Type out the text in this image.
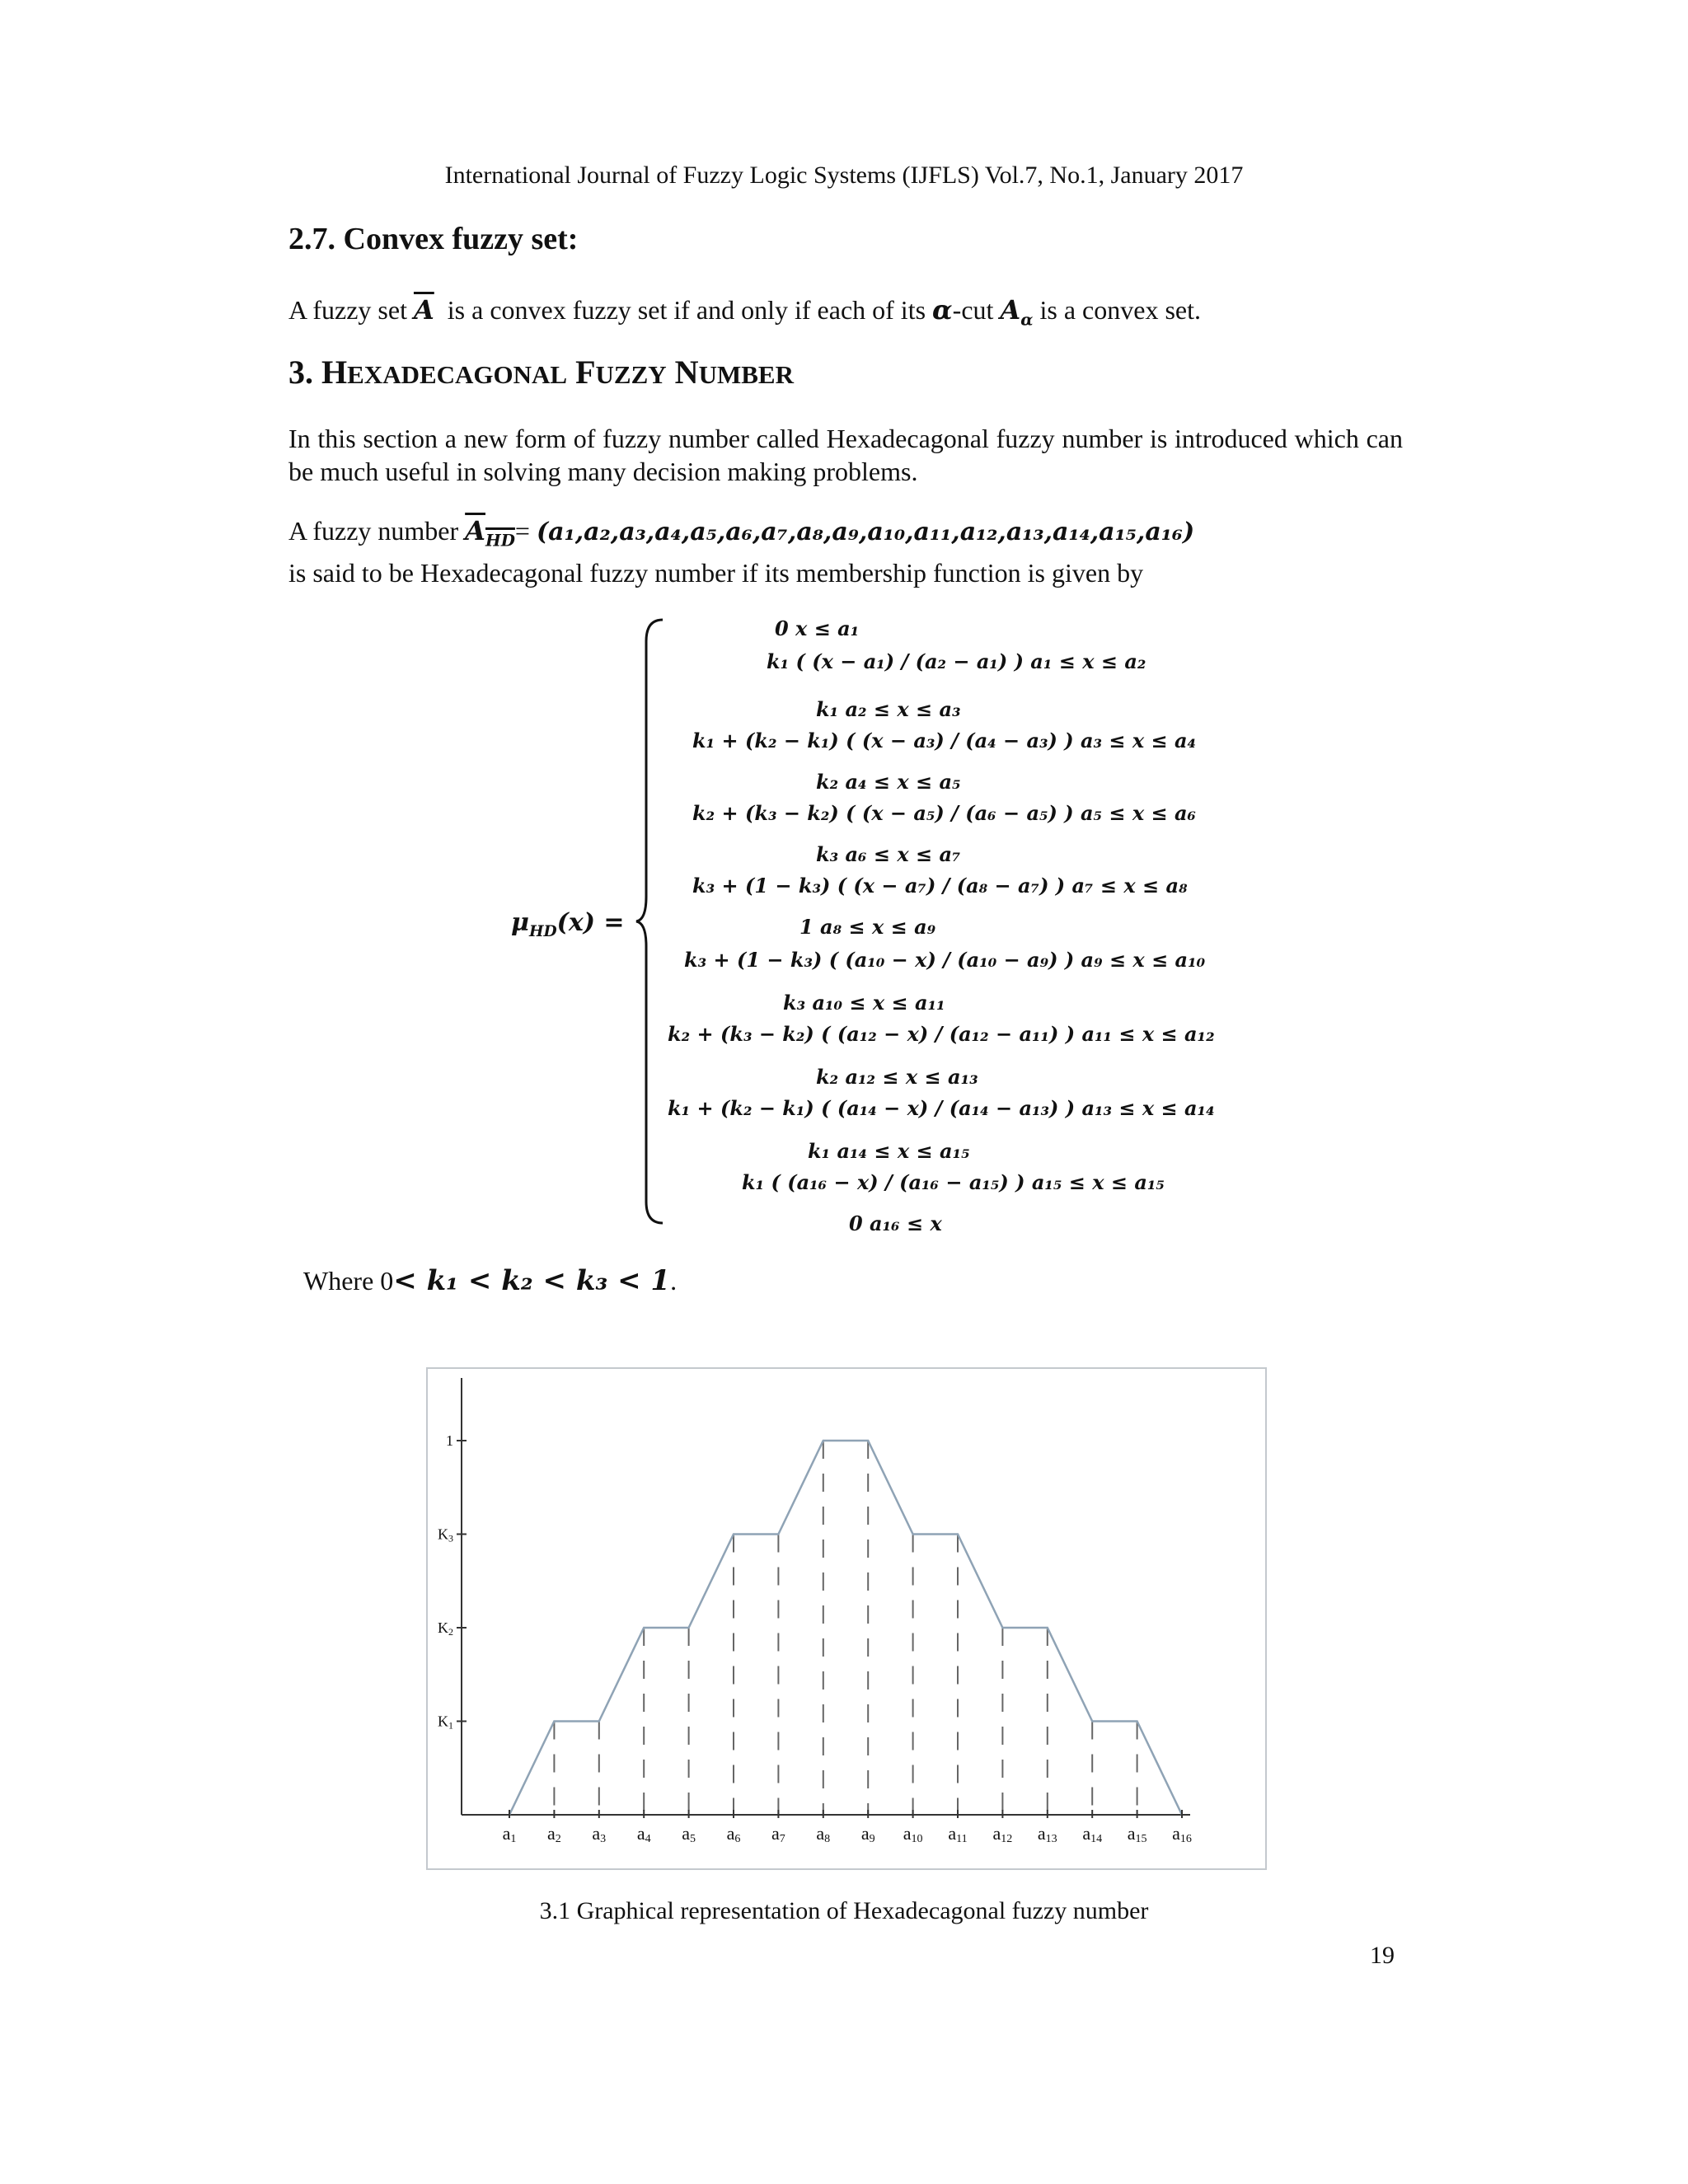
International Journal of Fuzzy Logic Systems (IJFLS) Vol.7, No.1, January 2017
2.7. Convex fuzzy set:
A fuzzy set $\overline{A}$ is a convex fuzzy set if and only if each of its α-cut $A_\alpha$ is a convex set.
3. HEXADECAGONAL FUZZY NUMBER
In this section a new form of fuzzy number called Hexadecagonal fuzzy number is introduced which can be much useful in solving many decision making problems.
A fuzzy number $A_{HD}= (a_1,a_2,a_3,a_4,a_5,a_6,a_7,a_8,a_9,a_{10},a_{11},a_{12},a_{13},a_{14},a_{15},a_{16})$
is said to be Hexadecagonal fuzzy number if its membership function is given by
$\mu_{HD}(x)$ =
0 x ≤ a₁
k₁ ( (x − a₁) / (a₂ − a₁) ) a₁ ≤ x ≤ a₂
k₁ a₂ ≤ x ≤ a₃
k₁ + (k₂ − k₁) ( (x − a₃) / (a₄ − a₃) ) a₃ ≤ x ≤ a₄
k₂ a₄ ≤ x ≤ a₅
k₂ + (k₃ − k₂) ( (x − a₅) / (a₆ − a₅) ) a₅ ≤ x ≤ a₆
k₃ a₆ ≤ x ≤ a₇
k₃ + (1 − k₃) ( (x − a₇) / (a₈ − a₇) ) a₇ ≤ x ≤ a₈
1 a₈ ≤ x ≤ a₉
k₃ + (1 − k₃) ( (a₁₀ − x) / (a₁₀ − a₉) ) a₉ ≤ x ≤ a₁₀
k₃ a₁₀ ≤ x ≤ a₁₁
k₂ + (k₃ − k₂) ( (a₁₂ − x) / (a₁₂ − a₁₁) ) a₁₁ ≤ x ≤ a₁₂
k₂ a₁₂ ≤ x ≤ a₁₃
k₁ + (k₂ − k₁) ( (a₁₄ − x) / (a₁₄ − a₁₃) ) a₁₃ ≤ x ≤ a₁₄
k₁ a₁₄ ≤ x ≤ a₁₅
k₁ ( (a₁₆ − x) / (a₁₆ − a₁₅) ) a₁₅ ≤ x ≤ a₁₅
0 a₁₆ ≤ x
Where 0< k₁ < k₂ < k₃ < 1.
K1
K2
K3
1
a1 a2 a3 a4 a5 a6 a7 a8 a9 a10 a11 a12 a13 a14 a15 a16
3.1 Graphical representation of Hexadecagonal fuzzy number
19
